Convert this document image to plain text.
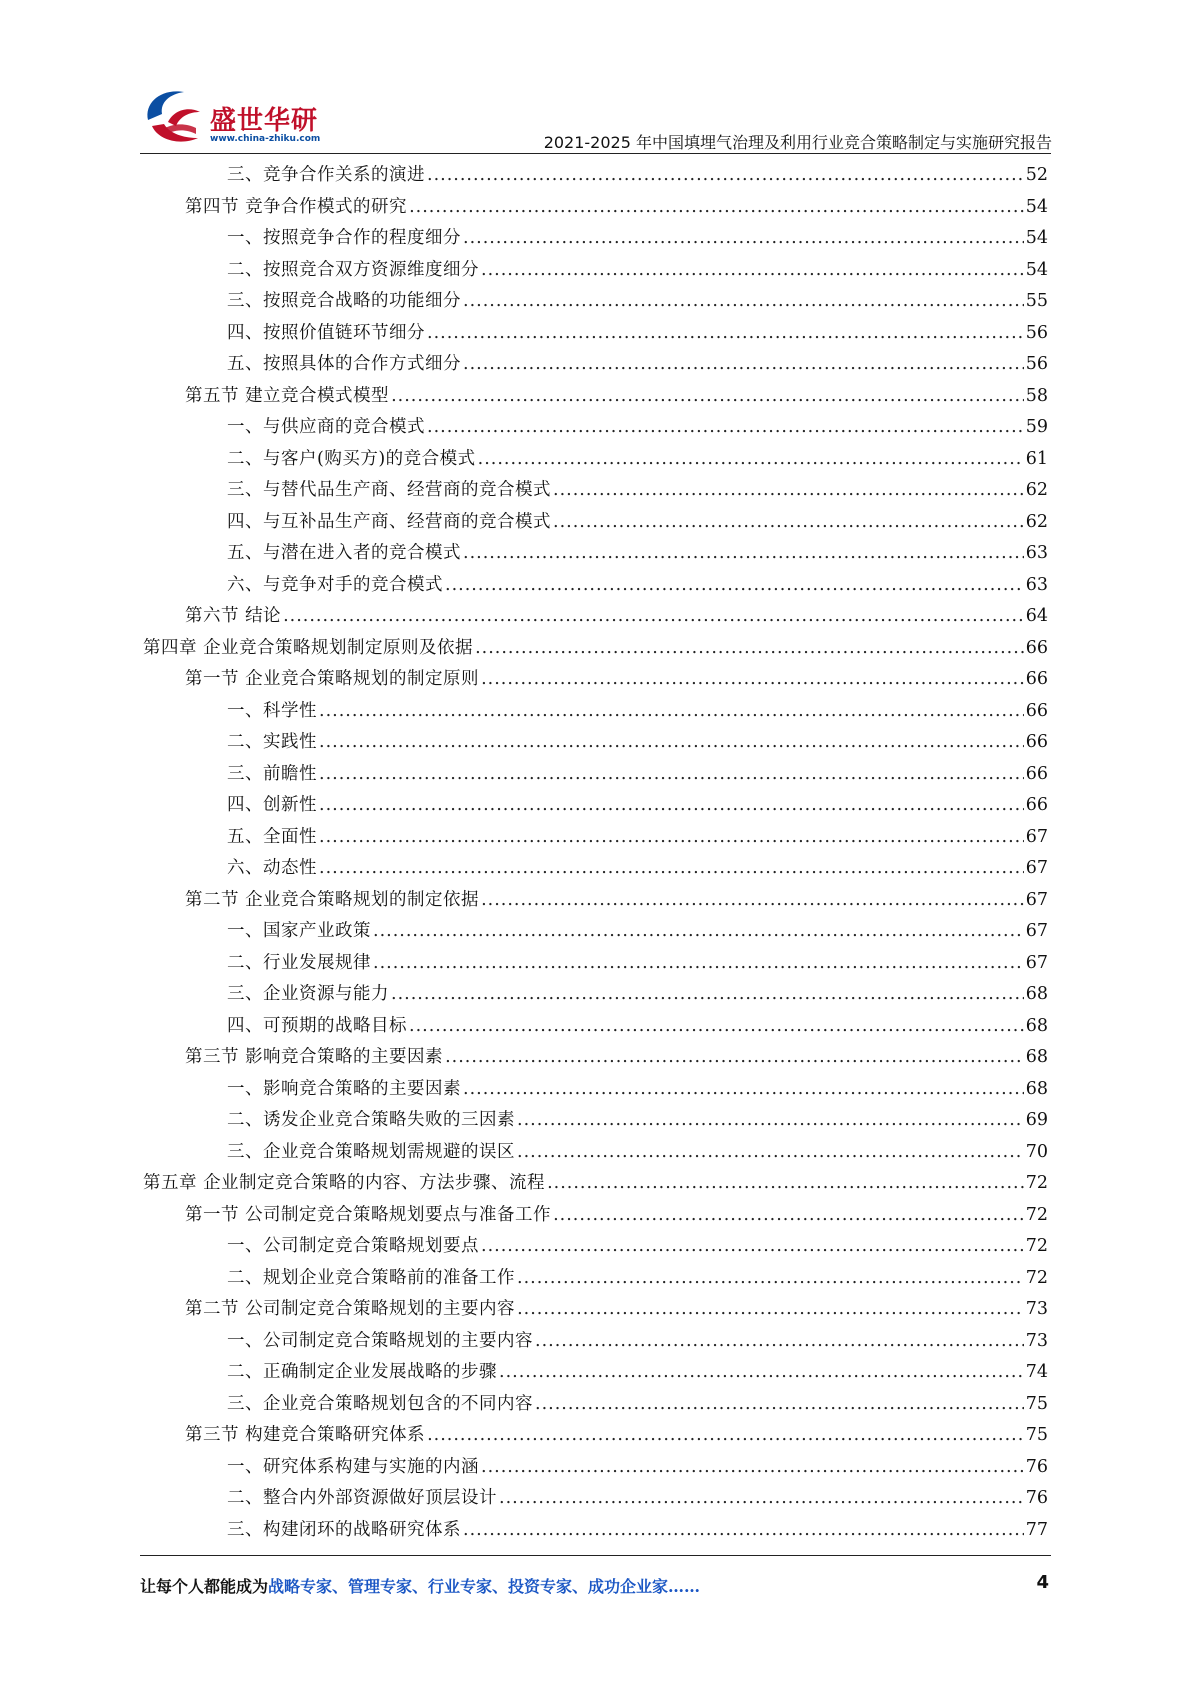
盛世华研
www.china-zhiku.com	2021-2025 年中国填埋气治理及利用行业竞合策略制定与实施研究报告
三、竞争合作关系的演进 .....	52
第四节 竞争合作模式的研究 .....	54
一、按照竞争合作的程度细分 .....	54
二、按照竞合双方资源维度细分 .....	54
三、按照竞合战略的功能细分 .....	55
四、按照价值链环节细分 .....	56
五、按照具体的合作方式细分 .....	56
第五节 建立竞合模式模型 .....	58
一、与供应商的竞合模式 .....	59
二、与客户(购买方)的竞合模式 .....	61
三、与替代品生产商、经营商的竞合模式 .....	62
四、与互补品生产商、经营商的竞合模式 .....	62
五、与潜在进入者的竞合模式 .....	63
六、与竞争对手的竞合模式 .....	63
第六节 结论 .....	64
第四章 企业竞合策略规划制定原则及依据 .....	66
第一节 企业竞合策略规划的制定原则 .....	66
一、科学性 .....	66
二、实践性 .....	66
三、前瞻性 .....	66
四、创新性 .....	66
五、全面性 .....	67
六、动态性 .....	67
第二节 企业竞合策略规划的制定依据 .....	67
一、国家产业政策 .....	67
二、行业发展规律 .....	67
三、企业资源与能力 .....	68
四、可预期的战略目标 .....	68
第三节 影响竞合策略的主要因素 .....	68
一、影响竞合策略的主要因素 .....	68
二、诱发企业竞合策略失败的三因素 .....	69
三、企业竞合策略规划需规避的误区 .....	70
第五章 企业制定竞合策略的内容、方法步骤、流程 .....	72
第一节 公司制定竞合策略规划要点与准备工作 .....	72
一、公司制定竞合策略规划要点 .....	72
二、规划企业竞合策略前的准备工作 .....	72
第二节 公司制定竞合策略规划的主要内容 .....	73
一、公司制定竞合策略规划的主要内容 .....	73
二、正确制定企业发展战略的步骤 .....	74
三、企业竞合策略规划包含的不同内容 .....	75
第三节 构建竞合策略研究体系 .....	75
一、研究体系构建与实施的内涵 .....	76
二、整合内外部资源做好顶层设计 .....	76
三、构建闭环的战略研究体系 .....	77
让每个人都能成为战略专家、管理专家、行业专家、投资专家、成功企业家……	4
